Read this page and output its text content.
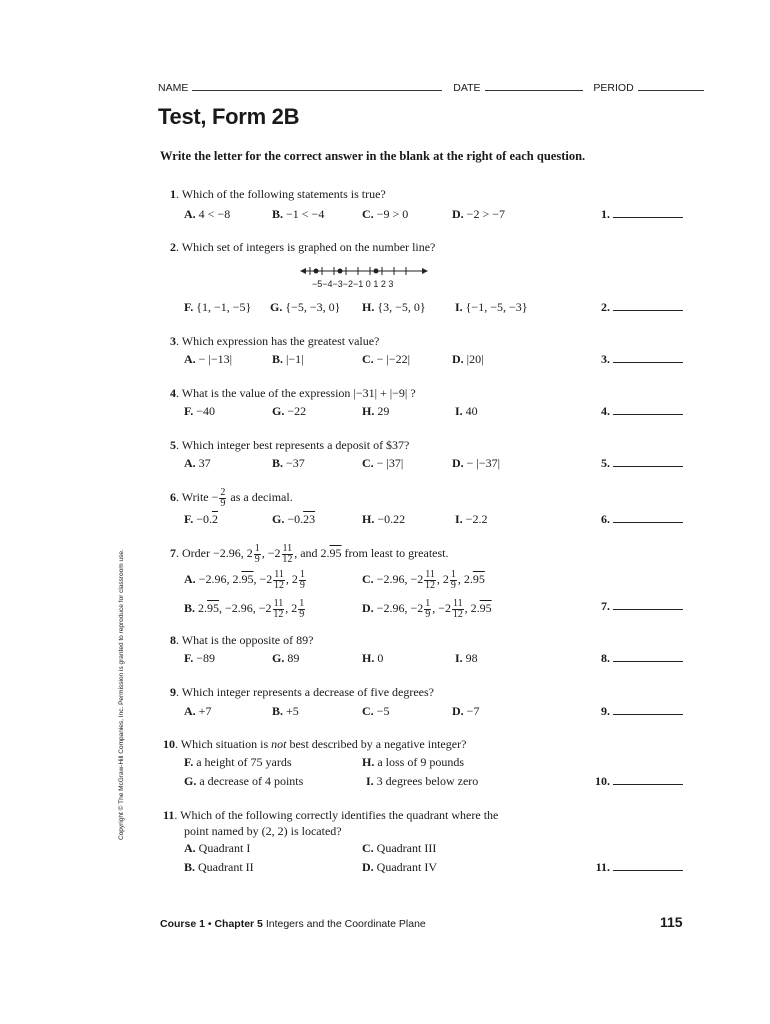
NAME	DATE	PERIOD
Test, Form 2B
Write the letter for the correct answer in the blank at the right of each question.
Copyright © The McGraw-Hill Companies, Inc. Permission is granted to reproduce for classroom use.
1. Which of the following statements is true?
A. 4 < −8	B. −1 < −4	C. −9 > 0	D. −2 > −7	1.
2. Which set of integers is graphed on the number line?
−5−4−3−2−1 0 1 2 3
F. {1, −1, −5} G. {−5, −3, 0} H. {3, −5, 0} I. {−1, −5, −3}	2.
3. Which expression has the greatest value?
A. − |−13|	B. |−1|	C. − |−22|	D. |20|	3.
4. What is the value of the expression |−31| + |−9| ?
F. −40	G. −22	H. 29	I. 40	4.
5. Which integer best represents a deposit of $37?
A. 37	B. −37	C. − |37|	D. − |−37|	5.
6. Write − $\frac{2}{9}$ as a decimal.
F. −0.2	G. −0.23	H. −0.22	I. −2.2	6.
7. Order −2.96, $2 \frac{1}{9}$ , $-2 \frac{11}{12}$ , and 2.95 from least to greatest.
A. −2.96, 2.95, $-2 \frac{11}{12}$ , $2 \frac{1}{9}$	C. −2.96, $-2 \frac{11}{12}$ , $2 \frac{1}{9}$ , 2.95
B. 2.95, −2.96, $-2 \frac{11}{12}$ , $2 \frac{1}{9}$	D. −2.96, $-2 \frac{1}{9}$ , $-2 \frac{11}{12}$ , 2.95	7.
8. What is the opposite of 89?
F. −89	G. 89	H. 0	I. 98	8.
9. Which integer represents a decrease of five degrees?
A. +7	B. +5	C. −5	D. −7	9.
10. Which situation is not best described by a negative integer?
F. a height of 75 yards	H. a loss of 9 pounds
G. a decrease of 4 points	I. 3 degrees below zero	10.
11. Which of the following correctly identifies the quadrant where the
point named by (2, 2) is located?
A. Quadrant I	C. Quadrant III
B. Quadrant II	D. Quadrant IV	11.
Course 1 • Chapter 5 Integers and the Coordinate Plane	115
